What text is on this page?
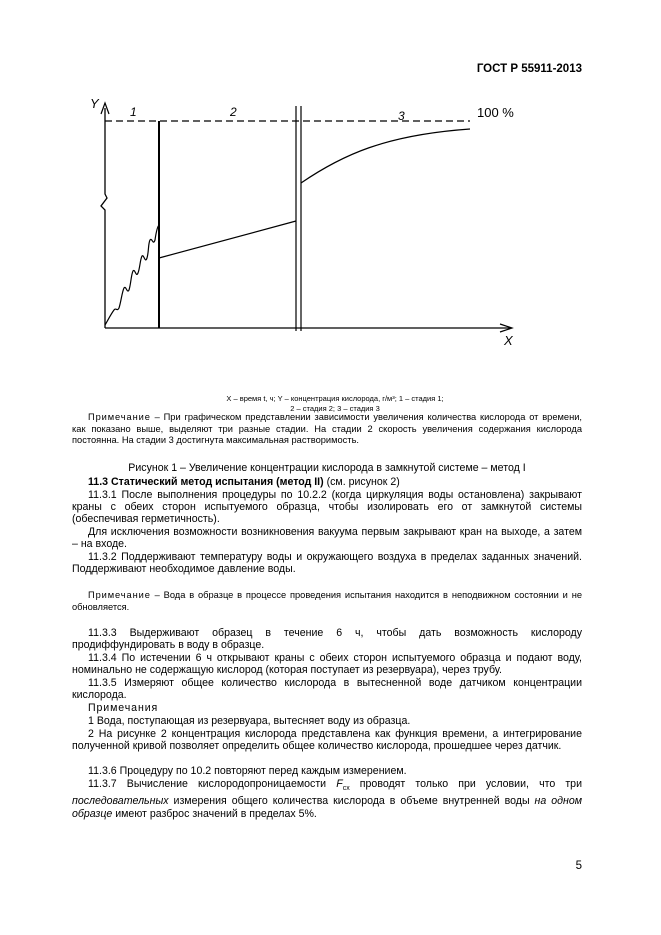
ГОСТ Р 55911-2013
Y
X
1	2	3	100 %
X – время t, ч; Y – концентрация кислорода, г/м³; 1 – стадия 1;
2 – стадия 2; 3 – стадия 3
Примечание – При графическом представлении зависимости увеличения количества кислорода от времени, как показано выше, выделяют три разные стадии. На стадии 2 скорость увеличения содержания кислорода постоянна. На стадии 3 достигнута максимальная растворимость.
Рисунок 1 – Увеличение концентрации кислорода в замкнутой системе – метод I
11.3 Статический метод испытания (метод II) (см. рисунок 2)
11.3.1 После выполнения процедуры по 10.2.2 (когда циркуляция воды остановлена) закрывают краны с обеих сторон испытуемого образца, чтобы изолировать его от замкнутой системы (обеспечивая герметичность).
Для исключения возможности возникновения вакуума первым закрывают кран на выходе, а затем – на входе.
11.3.2 Поддерживают температуру воды и окружающего воздуха в пределах заданных значений. Поддерживают необходимое давление воды.
Примечание – Вода в образце в процессе проведения испытания находится в неподвижном состоянии и не обновляется.
11.3.3 Выдерживают образец в течение 6 ч, чтобы дать возможность кислороду продиффундировать в воду в образце.
11.3.4 По истечении 6 ч открывают краны с обеих сторон испытуемого образца и подают воду, номинально не содержащую кислород (которая поступает из резервуара), через трубу.
11.3.5 Измеряют общее количество кислорода в вытесненной воде датчиком концентрации кислорода.
Примечания
1 Вода, поступающая из резервуара, вытесняет воду из образца.
2 На рисунке 2 концентрация кислорода представлена как функция времени, а интегрирование полученной кривой позволяет определить общее количество кислорода, прошедшее через датчик.
11.3.6 Процедуру по 10.2 повторяют перед каждым измерением.
11.3.7 Вычисление кислородопроницаемости $F_{сх}$ проводят только при условии, что три последовательных измерения общего количества кислорода в объеме внутренней воды на одном образце имеют разброс значений в пределах 5%.
5
